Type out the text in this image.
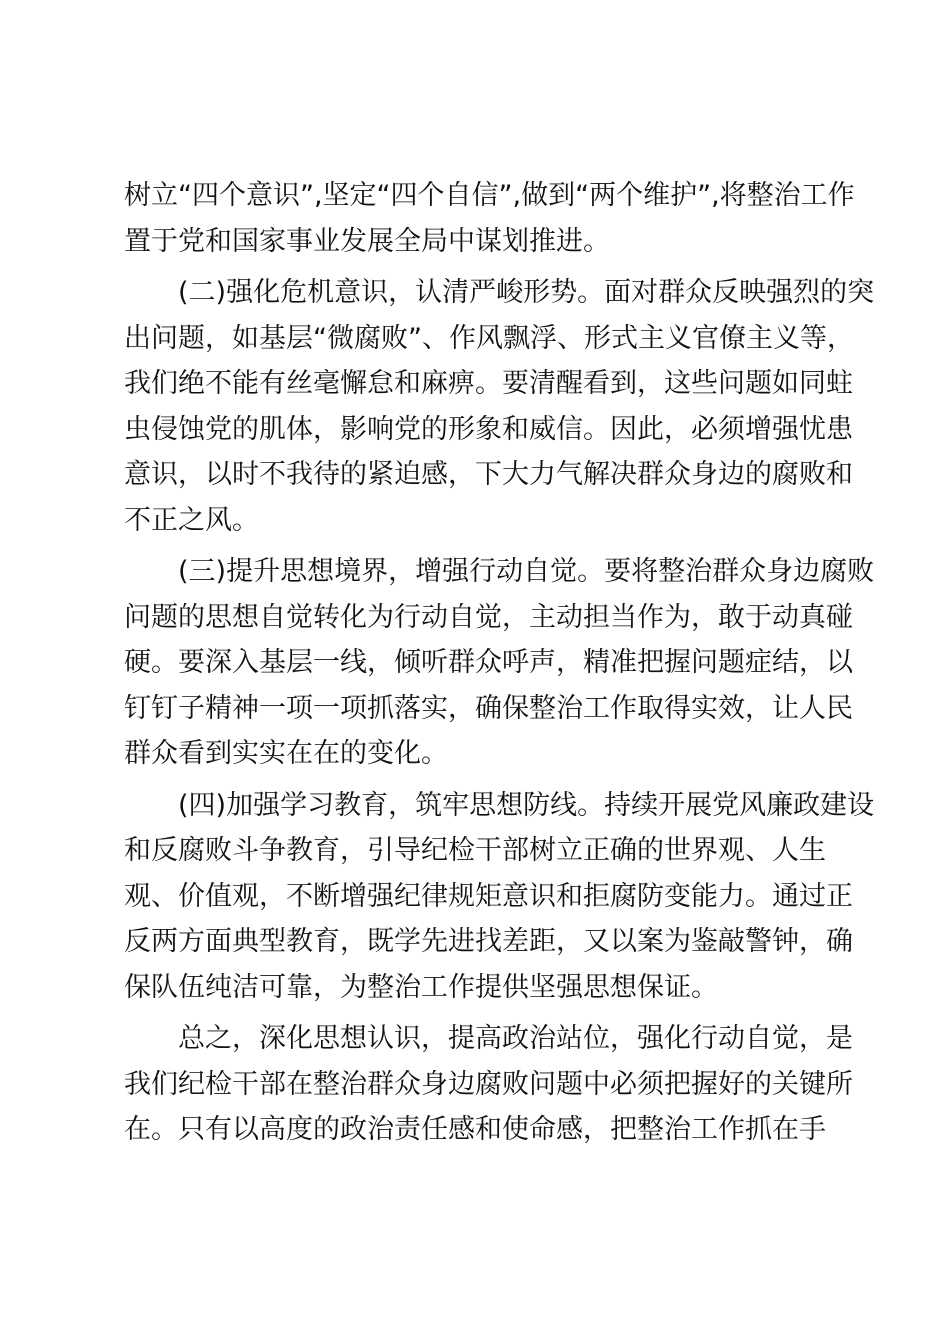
树立“四个意识”,坚定“四个自信”,做到“两个维护”,将整治工作
置于党和国家事业发展全局中谋划推进。
(二)强化危机意识，认清严峻形势。面对群众反映强烈的突
出问题，如基层“微腐败”、作风飘浮、形式主义官僚主义等，
我们绝不能有丝毫懈怠和麻痹。要清醒看到，这些问题如同蛀
虫侵蚀党的肌体，影响党的形象和威信。因此，必须增强忧患
意识，以时不我待的紧迫感，下大力气解决群众身边的腐败和
不正之风。
(三)提升思想境界，增强行动自觉。要将整治群众身边腐败
问题的思想自觉转化为行动自觉，主动担当作为，敢于动真碰
硬。要深入基层一线，倾听群众呼声，精准把握问题症结，以
钉钉子精神一项一项抓落实，确保整治工作取得实效，让人民
群众看到实实在在的变化。
(四)加强学习教育，筑牢思想防线。持续开展党风廉政建设
和反腐败斗争教育，引导纪检干部树立正确的世界观、人生
观、价值观，不断增强纪律规矩意识和拒腐防变能力。通过正
反两方面典型教育，既学先进找差距，又以案为鉴敲警钟，确
保队伍纯洁可靠，为整治工作提供坚强思想保证。
总之，深化思想认识，提高政治站位，强化行动自觉，是
我们纪检干部在整治群众身边腐败问题中必须把握好的关键所
在。只有以高度的政治责任感和使命感，把整治工作抓在手
